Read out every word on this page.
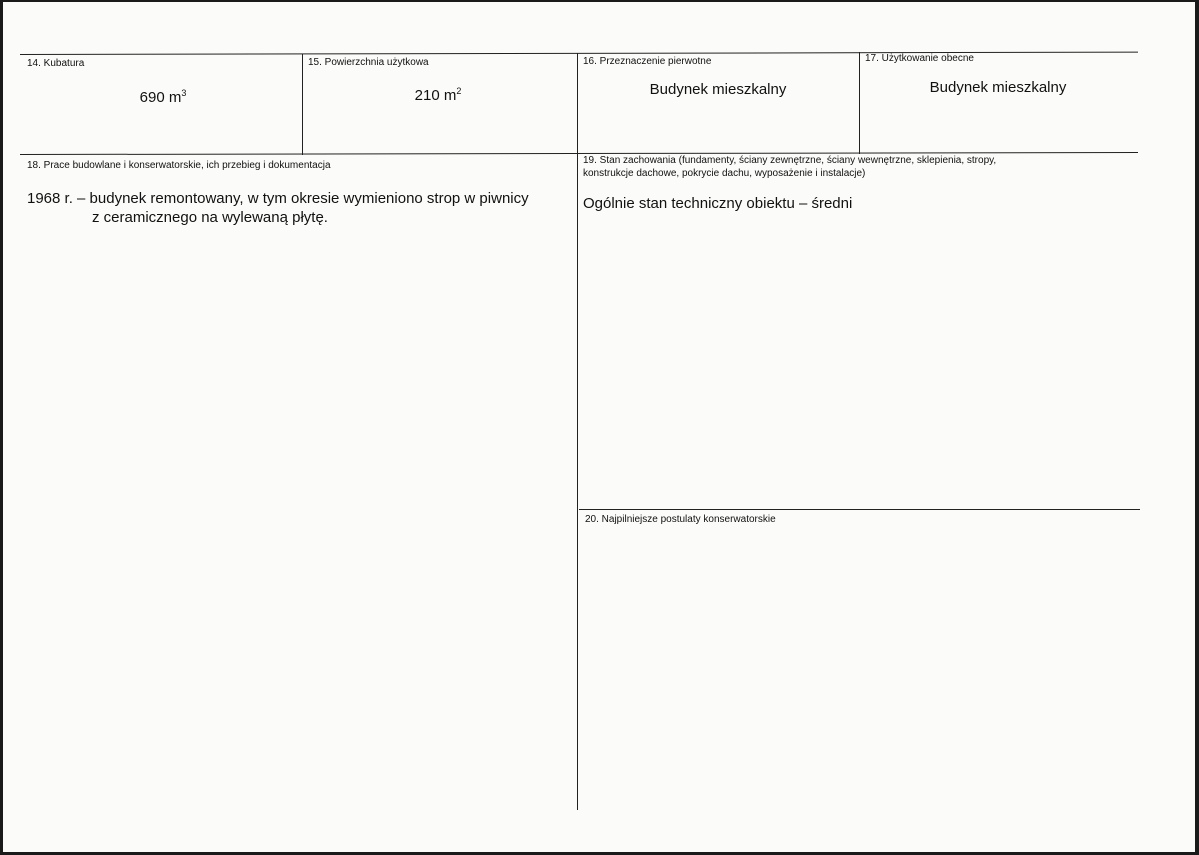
14. Kubatura
690 $m^3$
15. Powierzchnia użytkowa
210 $m^2$
16. Przeznaczenie pierwotne
Budynek mieszkalny
17. Użytkowanie obecne
Budynek mieszkalny
18. Prace budowlane i konserwatorskie, ich przebieg i dokumentacja
1968 r. – budynek remontowany, w tym okresie wymieniono strop w piwnicy
z ceramicznego na wylewaną płytę.
19. Stan zachowania (fundamenty, ściany zewnętrzne, ściany wewnętrzne, sklepienia, stropy,
konstrukcje dachowe, pokrycie dachu, wyposażenie i instalacje)
Ogólnie stan techniczny obiektu – średni
20. Najpilniejsze postulaty konserwatorskie
